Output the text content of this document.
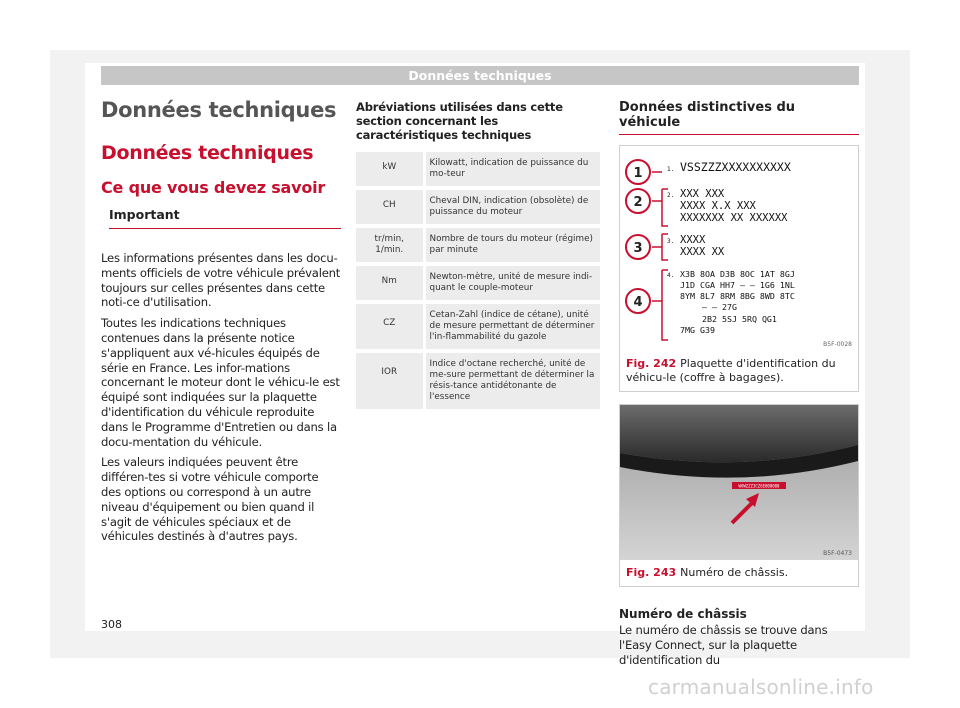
Données techniques
Données techniques
Données techniques
Ce que vous devez savoir
Important

Les informations présentes dans les docu-ments officiels de votre véhicule prévalent toujours sur celles présentes dans cette noti-ce d'utilisation.

Toutes les indications techniques contenues dans la présente notice s'appliquent aux vé-hicules équipés de série en France. Les infor-mations concernant le moteur dont le véhicu-le est équipé sont indiquées sur la plaquette d'identification du véhicule reproduite dans le Programme d'Entretien ou dans la docu-mentation du véhicule.

Les valeurs indiquées peuvent être différen-tes si votre véhicule comporte des options ou correspond à un autre niveau d'équipement ou bien quand il s'agit de véhicules spéciaux et de véhicules destinés à d'autres pays.

Abréviations utilisées dans cette section concernant les caractéristiques techniques
kW	Kilowatt, indication de puissance du mo-teur
CH	Cheval DIN, indication (obsolète) de puissance du moteur
tr/min, 1/min.	Nombre de tours du moteur (régime) par minute
Nm	Newton-mètre, unité de mesure indi-quant le couple-moteur
CZ	Cetan-Zahl (indice de cétane), unité de mesure permettant de déterminer l'in-flammabilité du gazole
IOR	Indice d'octane recherché, unité de me-sure permettant de déterminer la résis-tance antidétonante de l'essence
Données distinctives du véhicule
1. VSSZZZXXXXXXXXXX
2. XXX XXX
XXXX X.X XXX
XXXXXXX XX XXXXXX
3. XXXX
XXXX XX
4. X3B 8OA D3B 8OC 1AT 8GJ
J1D CGA HH7 – – 1G6 1NL
8YM 8L7 8RM 8BG 8WD 8TC
– – 27G
2B2 5SJ 5RQ QG1
7MG G39
1
2
3
4
B5F-0028
Fig. 242 Plaquette d'identification du véhicu-le (coffre à bagages).
WVWZZZ3CZ6E000000
B5F-0473
Fig. 243 Numéro de châssis.
Numéro de châssis

Le numéro de châssis se trouve dans l'Easy Connect, sur la plaquette d'identification du

308
carmanualsonline.info
